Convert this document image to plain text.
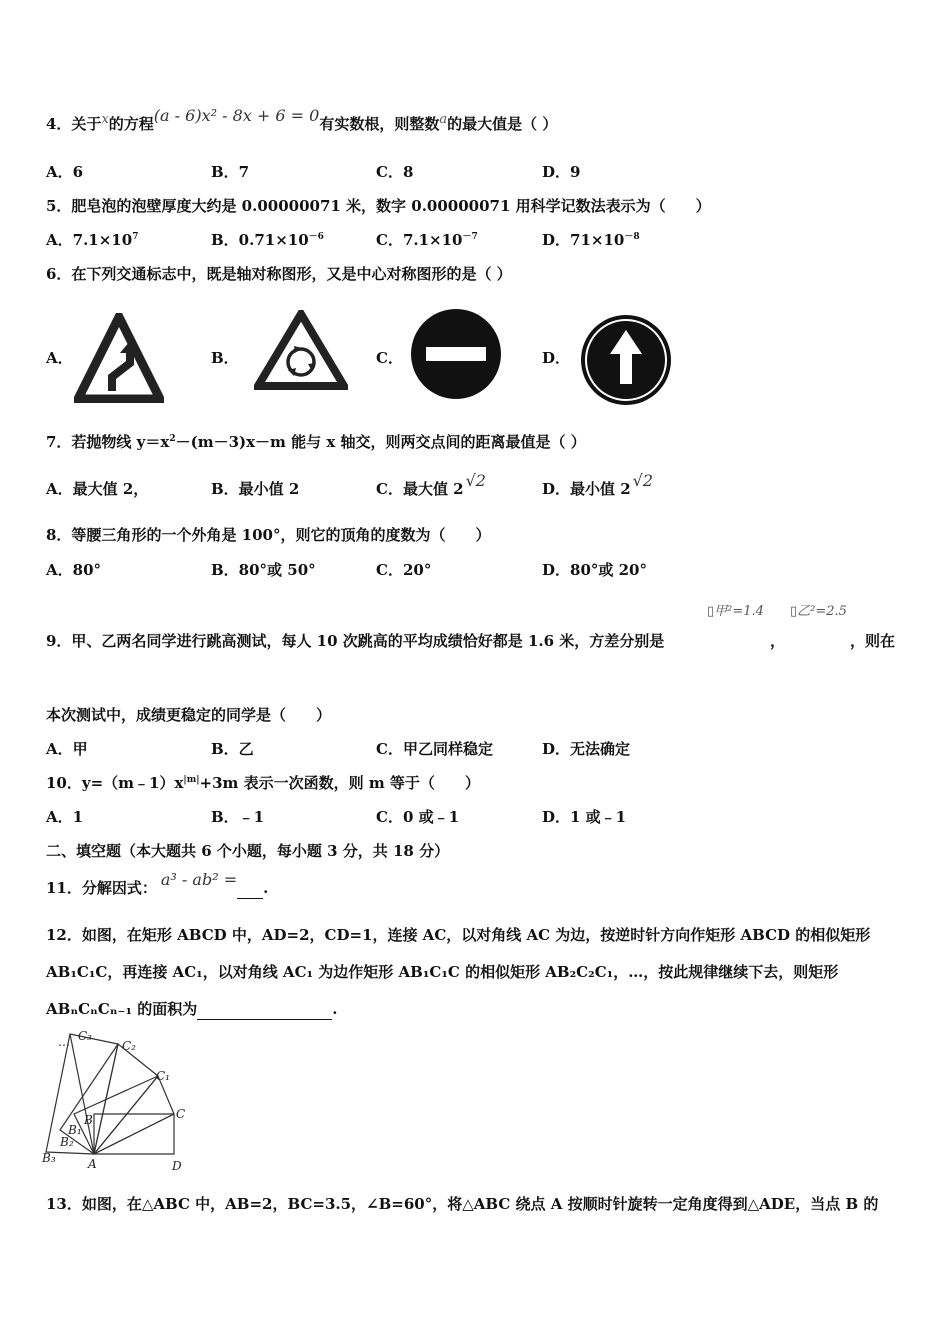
4．关于$^x$的方程(a - 6)x² - 8x + 6 = 0有实数根，则整数$^a$的最大值是（ ）
A．6	B．7	C．8	D．9
5．肥皂泡的泡壁厚度大约是 0.00000071 米，数字 0.00000071 用科学记数法表示为（　　）
A．$7.1\times 10^7$	B．$0.71\times 10^{-6}$	C．$7.1\times 10^{-7}$	D．$71\times 10^{-8}$
6．在下列交通标志中，既是轴对称图形，又是中心对称图形的是（ ）
A．	B．	C．	D．
7．若抛物线 $y=x^2-(m-3)x-m$ 能与 x 轴交，则两交点间的距离最值是（ ）
A．最大值 2，	B．最小值 2	C．最大值 2 √2	D．最小值 2 √2
8．等腰三角形的一个外角是 100°，则它的顶角的度数为（　　）
A．80°	B．80°或 50°	C．20°	D．80°或 20°
▯甲²=1.4 ▯乙²=2.5
9．甲、乙两名同学进行跳高测试，每人 10 次跳高的平均成绩恰好都是 1.6 米，方差分别是	，	，则在
本次测试中，成绩更稳定的同学是（　　）
A．甲	B．乙	C．甲乙同样稳定	D．无法确定
10．$y=(m﹣1)x^{|m|}+3m$ 表示一次函数，则 m 等于（　　）
A．1	B．﹣1	C．0 或﹣1	D．1 或﹣1
二、填空题（本大题共 6 个小题，每小题 3 分，共 18 分）
11．分解因式： a³ - ab² = .
12．如图，在矩形 ABCD 中，AD=2，CD=1，连接 AC，以对角线 AC 为边，按逆时针方向作矩形 ABCD 的相似矩形
AB₁C₁C，再连接 AC₁，以对角线 AC₁ 为边作矩形 AB₁C₁C 的相似矩形 AB₂C₂C₁，…，按此规律继续下去，则矩形
ABₙCₙCₙ₋₁ 的面积为	.
… C₃
C₂
C₁
C
B
B₁
B₂
B₃	A	D
13．如图，在△ABC 中，AB=2，BC=3.5，∠B=60°，将△ABC 绕点 A 按顺时针旋转一定角度得到△ADE，当点 B 的
